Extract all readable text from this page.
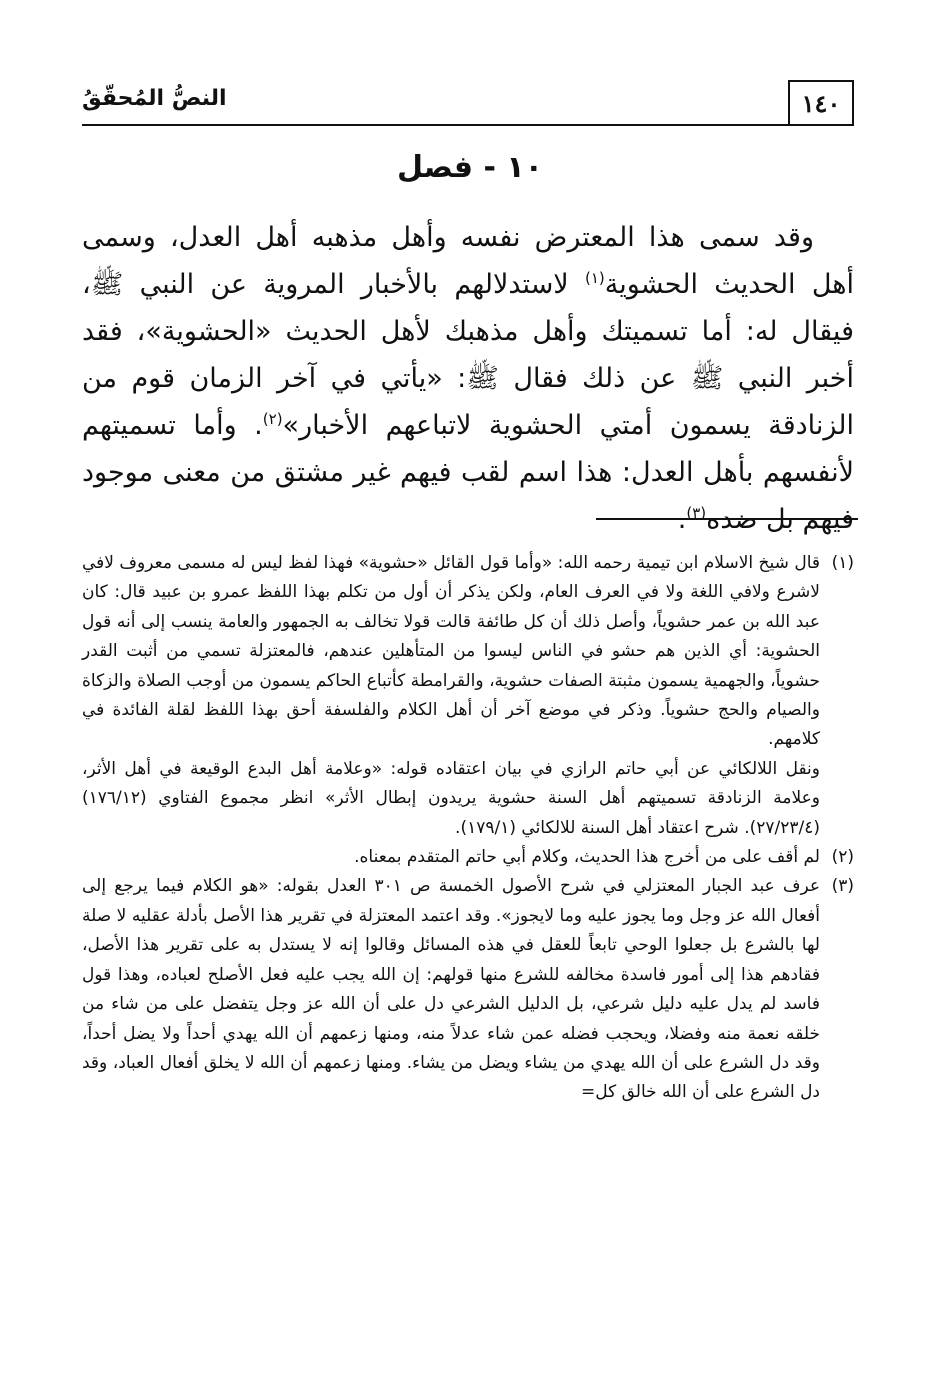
١٤٠
النصُّ المُحقّقُ
١٠ - فصل

وقد سمى هذا المعترض نفسه وأهل مذهبه أهل العدل، وسمى أهل الحديث الحشوية$^{(١)}$ لاستدلالهم بالأخبار المروية عن النبي ﷺ، فيقال له: أما تسميتك وأهل مذهبك لأهل الحديث «الحشوية»، فقد أخبر النبي ﷺ عن ذلك فقال ﷺ: «يأتي في آخر الزمان قوم من الزنادقة يسمون أمتي الحشوية لاتباعهم الأخبار»$^{(٢)}$. وأما تسميتهم لأنفسهم بأهل العدل: هذا اسم لقب فيهم غير مشتق من معنى موجود فيهم بل ضده$^{(٣)}$.

(١)
قال شيخ الاسلام ابن تيمية رحمه الله: «وأما قول القائل «حشوية» فهذا لفظ ليس له مسمى معروف لافي لاشرع ولافي اللغة ولا في العرف العام، ولكن يذكر أن أول من تكلم بهذا اللفظ عمرو بن عبيد قال: كان عبد الله بن عمر حشوياً، وأصل ذلك أن كل طائفة قالت قولا تخالف به الجمهور والعامة ينسب إلى أنه قول الحشوية: أي الذين هم حشو في الناس ليسوا من المتأهلين عندهم، فالمعتزلة تسمي من أثبت القدر حشوياً، والجهمية يسمون مثبتة الصفات حشوية، والقرامطة كأتباع الحاكم يسمون من أوجب الصلاة والزكاة والصيام والحج حشوياً. وذكر في موضع آخر أن أهل الكلام والفلسفة أحق بهذا اللفظ لقلة الفائدة في كلامهم.

ونقل اللالكائي عن أبي حاتم الرازي في بيان اعتقاده قوله: «وعلامة أهل البدع الوقيعة في أهل الأثر، وعلامة الزنادقة تسميتهم أهل السنة حشوية يريدون إبطال الأثر» انظر مجموع الفتاوي (١٧٦/١٢) (٢٧/٢٣/٤). شرح اعتقاد أهل السنة للالكائي (١٧٩/١).

(٢)
لم أقف على من أخرج هذا الحديث، وكلام أبي حاتم المتقدم بمعناه.

(٣)
عرف عبد الجبار المعتزلي في شرح الأصول الخمسة ص ٣٠١ العدل بقوله: «هو الكلام فيما يرجع إلى أفعال الله عز وجل وما يجوز عليه وما لايجوز». وقد اعتمد المعتزلة في تقرير هذا الأصل بأدلة عقليه لا صلة لها بالشرع بل جعلوا الوحي تابعاً للعقل في هذه المسائل وقالوا إنه لا يستدل به على تقرير هذا الأصل، فقادهم هذا إلى أمور فاسدة مخالفه للشرع منها قولهم: إن الله يجب عليه فعل الأصلح لعباده، وهذا قول فاسد لم يدل عليه دليل شرعي، بل الدليل الشرعي دل على أن الله عز وجل يتفضل على من شاء من خلقه نعمة منه وفضلا، ويحجب فضله عمن شاء عدلاً منه، ومنها زعمهم أن الله يهدي أحداً ولا يضل أحداً، وقد دل الشرع على أن الله يهدي من يشاء ويضل من يشاء. ومنها زعمهم أن الله لا يخلق أفعال العباد، وقد دل الشرع على أن الله خالق كل=
